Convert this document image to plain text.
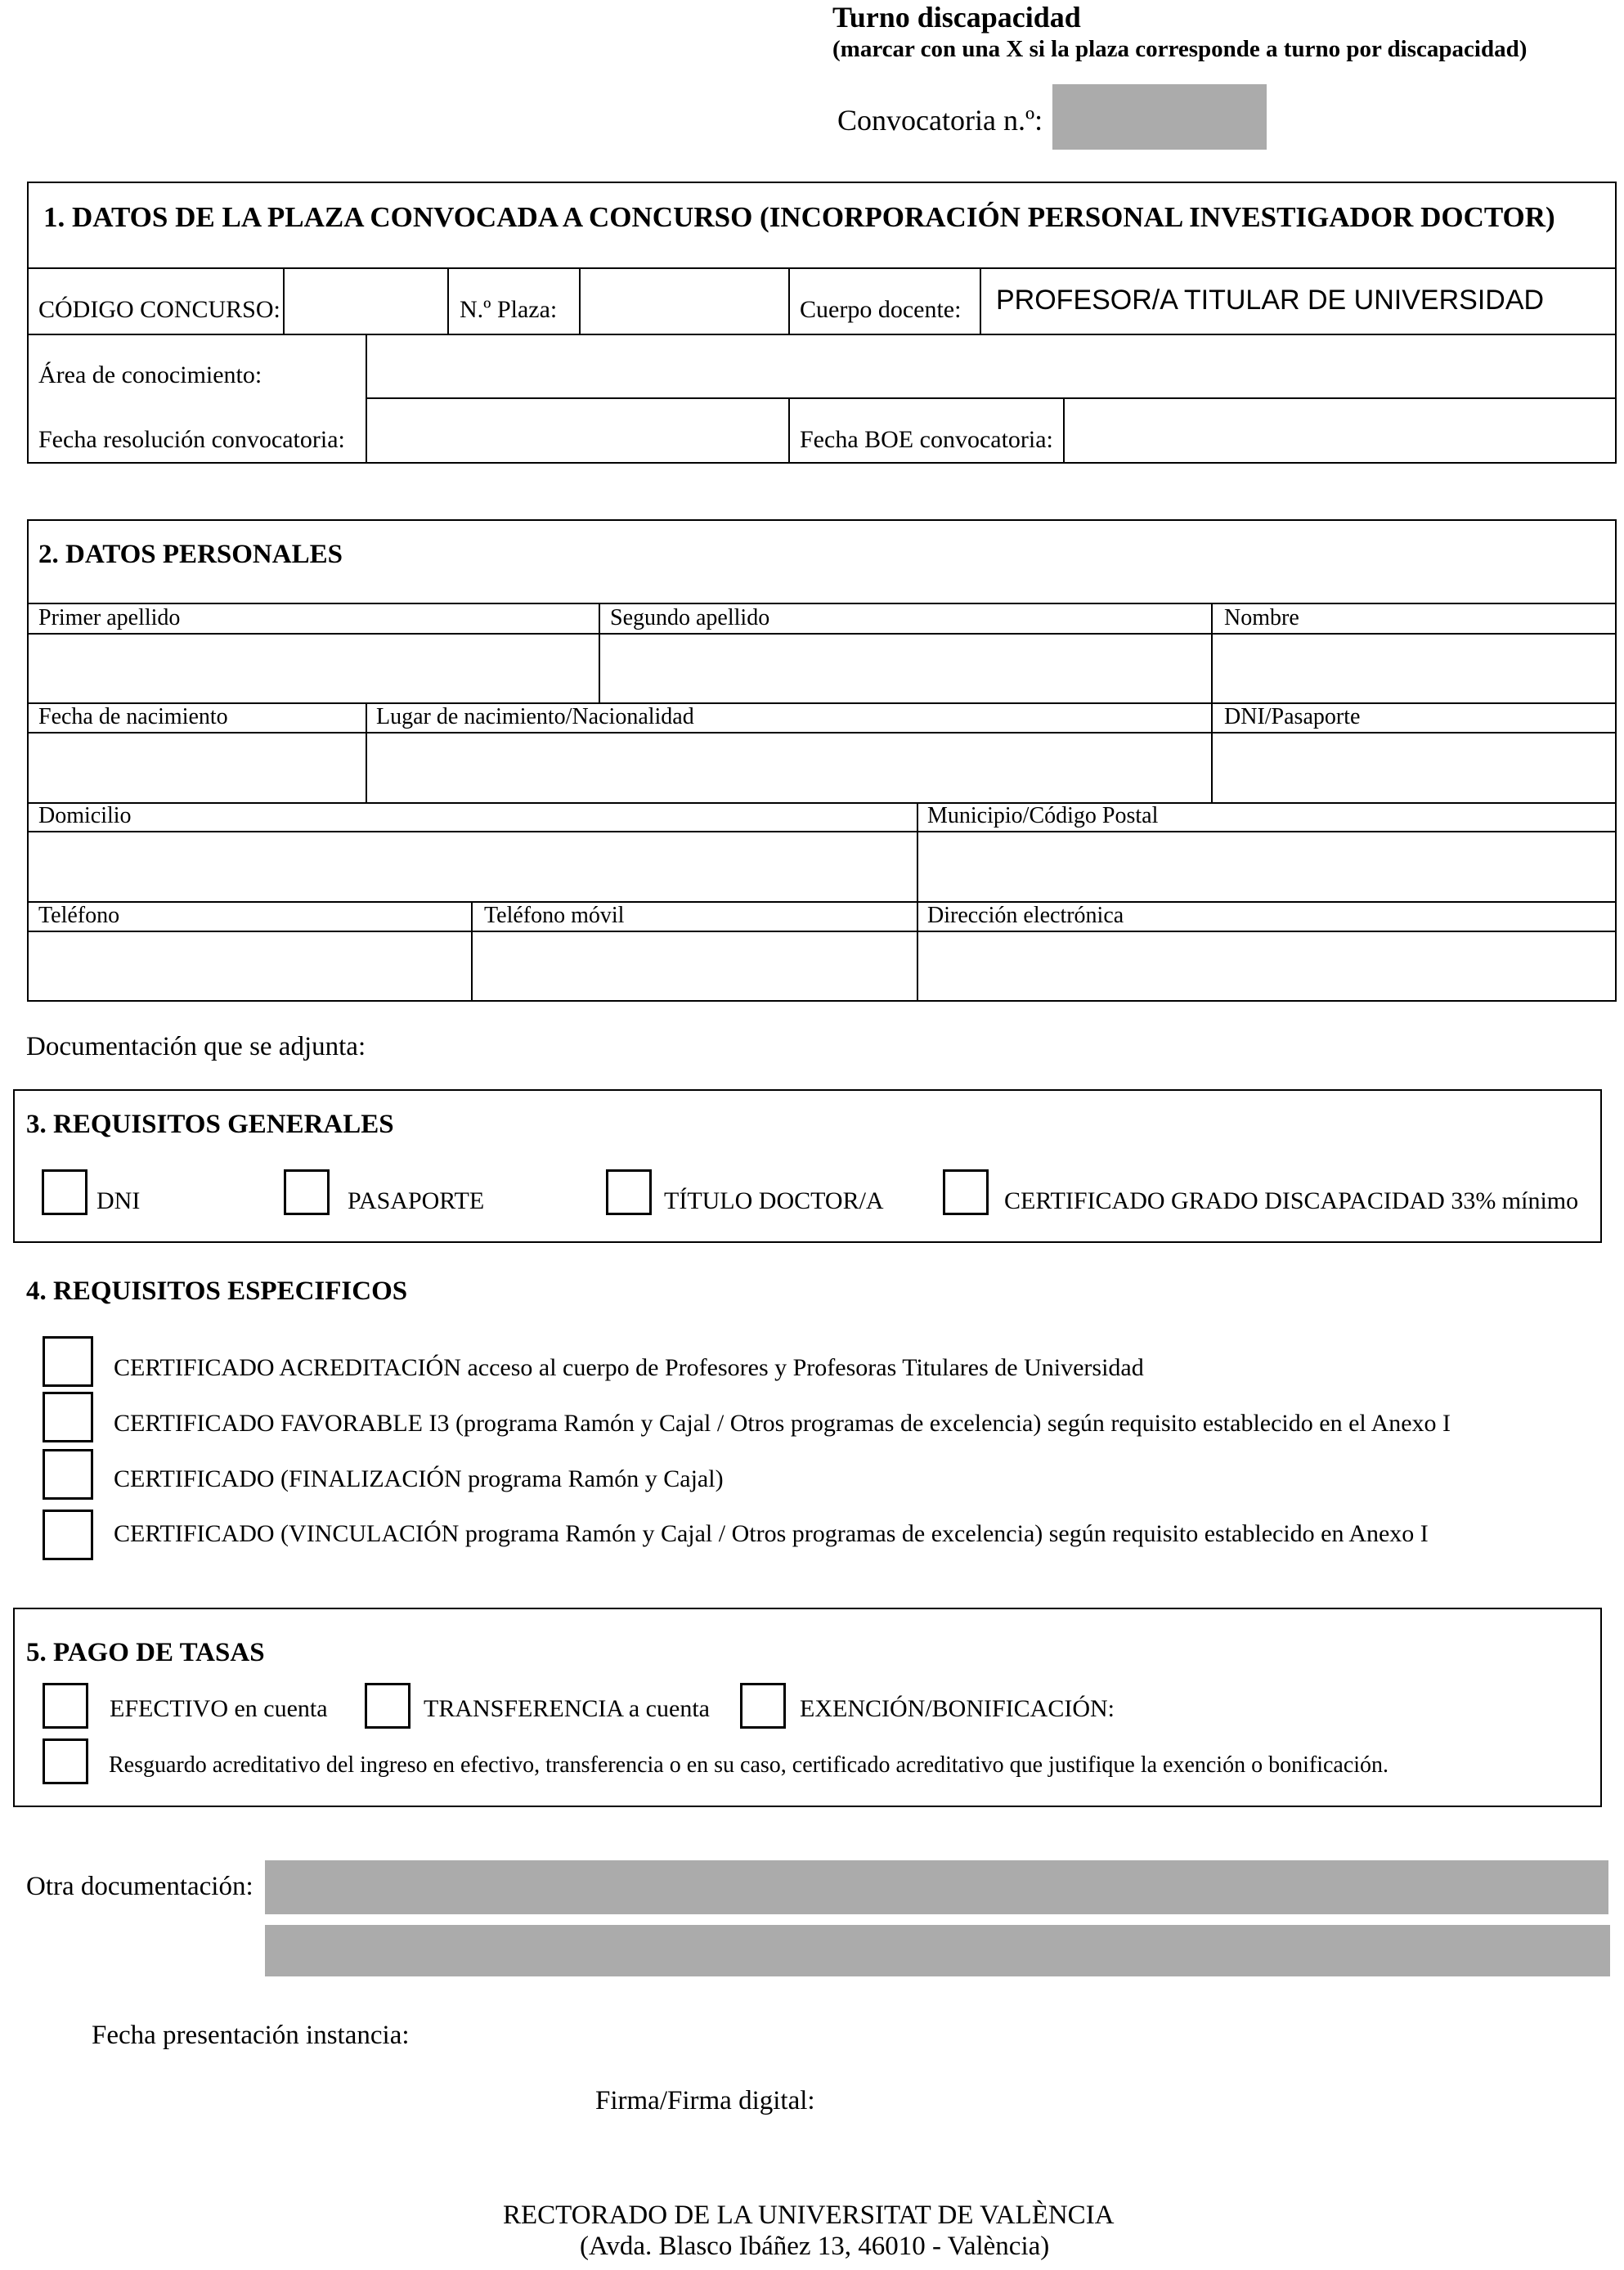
Turno discapacidad
(marcar con una X si la plaza corresponde a turno por discapacidad)
Convocatoria n.º:
1. DATOS DE LA PLAZA CONVOCADA A CONCURSO (INCORPORACIÓN PERSONAL INVESTIGADOR DOCTOR)
CÓDIGO CONCURSO:	N.º Plaza:	Cuerpo docente: PROFESOR/A TITULAR DE UNIVERSIDAD
Área de conocimiento:
Fecha resolución convocatoria:	Fecha BOE convocatoria:
2. DATOS PERSONALES
Primer apellido	Segundo apellido	Nombre
Fecha de nacimiento	Lugar de nacimiento/Nacionalidad	DNI/Pasaporte
Domicilio	Municipio/Código Postal
Teléfono	Teléfono móvil	Dirección electrónica
Documentación que se adjunta:
3. REQUISITOS GENERALES
DNI	PASAPORTE	TÍTULO DOCTOR/A	CERTIFICADO GRADO DISCAPACIDAD 33% mínimo
4. REQUISITOS ESPECIFICOS
CERTIFICADO ACREDITACIÓN acceso al cuerpo de Profesores y Profesoras Titulares de Universidad
CERTIFICADO FAVORABLE I3 (programa Ramón y Cajal / Otros programas de excelencia) según requisito establecido en el Anexo I
CERTIFICADO (FINALIZACIÓN programa Ramón y Cajal)
CERTIFICADO (VINCULACIÓN programa Ramón y Cajal / Otros programas de excelencia) según requisito establecido en Anexo I
5. PAGO DE TASAS
EFECTIVO en cuenta	TRANSFERENCIA a cuenta	EXENCIÓN/BONIFICACIÓN:
Resguardo acreditativo del ingreso en efectivo, transferencia o en su caso, certificado acreditativo que justifique la exención o bonificación.
Otra documentación:
Fecha presentación instancia:
Firma/Firma digital:
RECTORADO DE LA UNIVERSITAT DE VALÈNCIA
(Avda. Blasco Ibáñez 13, 46010 - València)
